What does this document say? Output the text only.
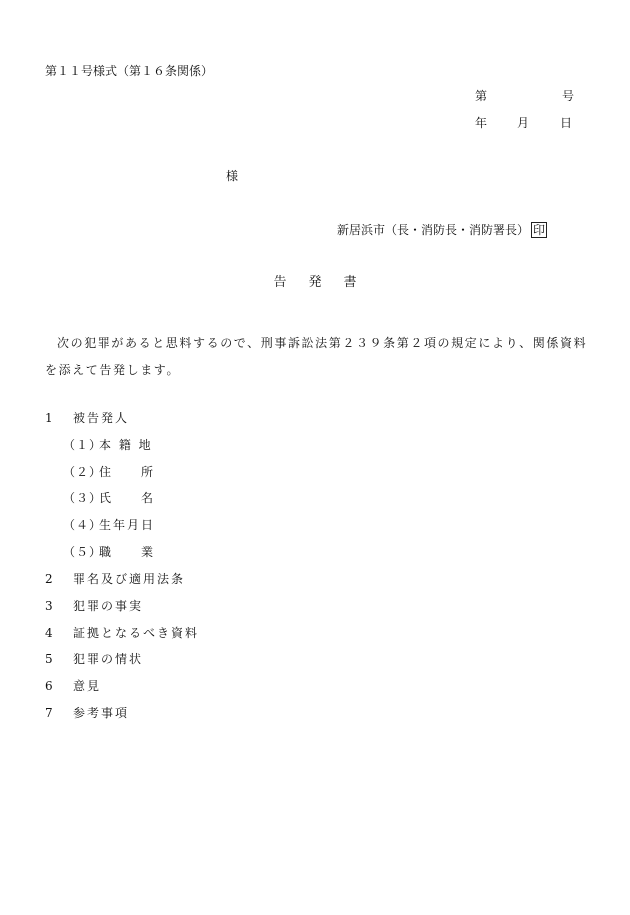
第１１号様式（第１６条関係）
第	号
年 月	日
様
新居浜市（長・消防長・消防署長） 印
告発書
次の犯罪があると思料するので、刑事訴訟法第２３９条第２項の規定により、関係資料を添えて告発します。
1 被告発人
（１）本 籍 地
（２）住　　所
（３）氏　　名
（４）生年月日
（５）職　　業
2 罪名及び適用法条
3 犯罪の事実
4 証拠となるべき資料
5 犯罪の情状
6 意見
7 参考事項
